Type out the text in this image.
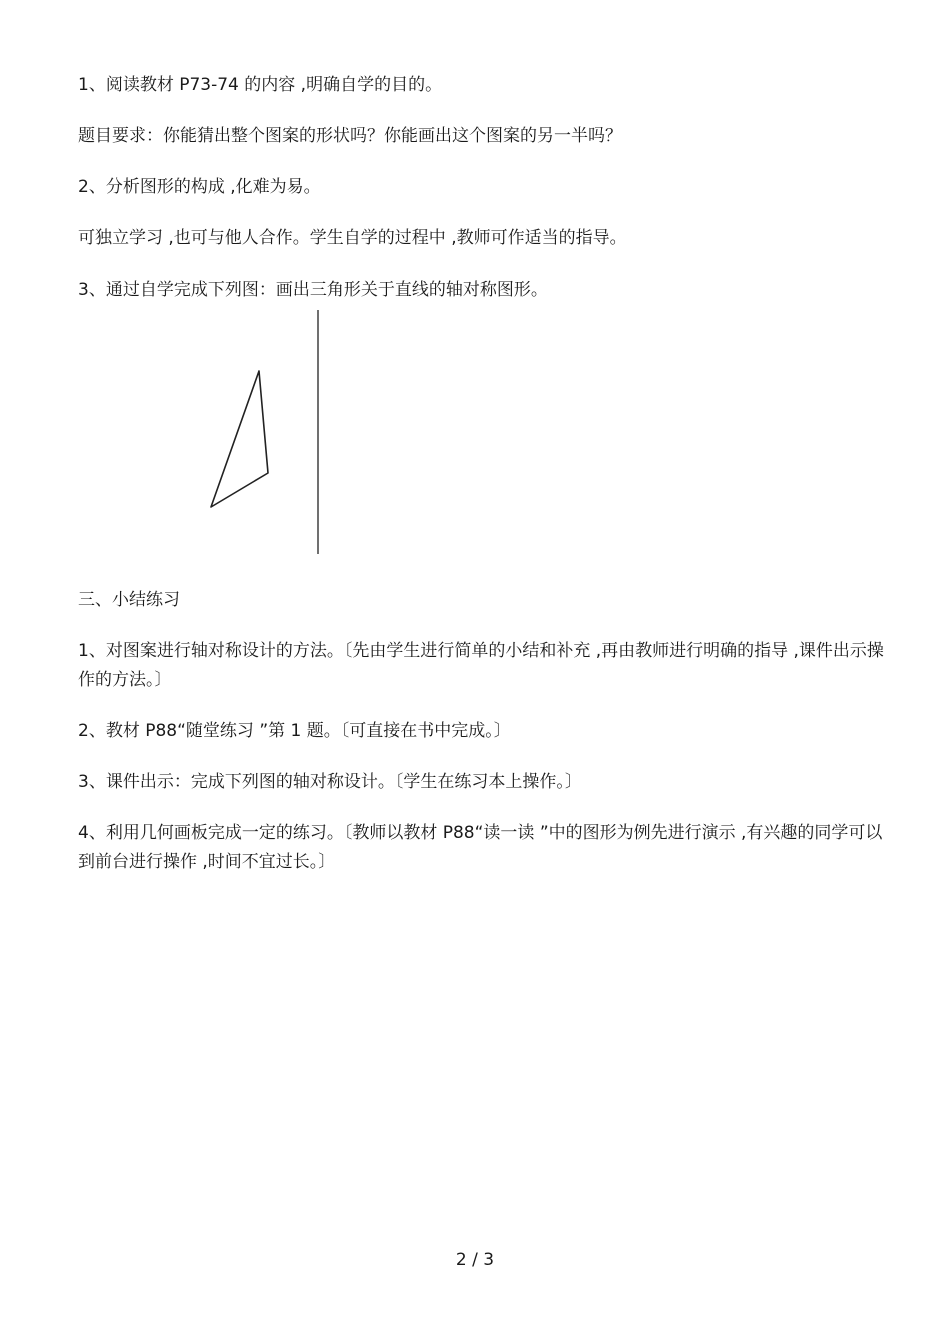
1、阅读教材 P73-74 的内容 ,明确自学的目的。

题目要求：你能猜出整个图案的形状吗？你能画出这个图案的另一半吗？

2、分析图形的构成 ,化难为易。

可独立学习 ,也可与他人合作。学生自学的过程中 ,教师可作适当的指导。

3、通过自学完成下列图：画出三角形关于直线的轴对称图形。

三、小结练习

1、对图案进行轴对称设计的方法。〔先由学生进行简单的小结和补充 ,再由教师进行明确的指导 ,课件出示操作的方法。〕

2、教材 P88“随堂练习 ”第 1 题。〔可直接在书中完成。〕

3、课件出示：完成下列图的轴对称设计。〔学生在练习本上操作。〕

4、利用几何画板完成一定的练习。〔教师以教材 P88“读一读 ”中的图形为例先进行演示 ,有兴趣的同学可以到前台进行操作 ,时间不宜过长。〕

2 / 3
